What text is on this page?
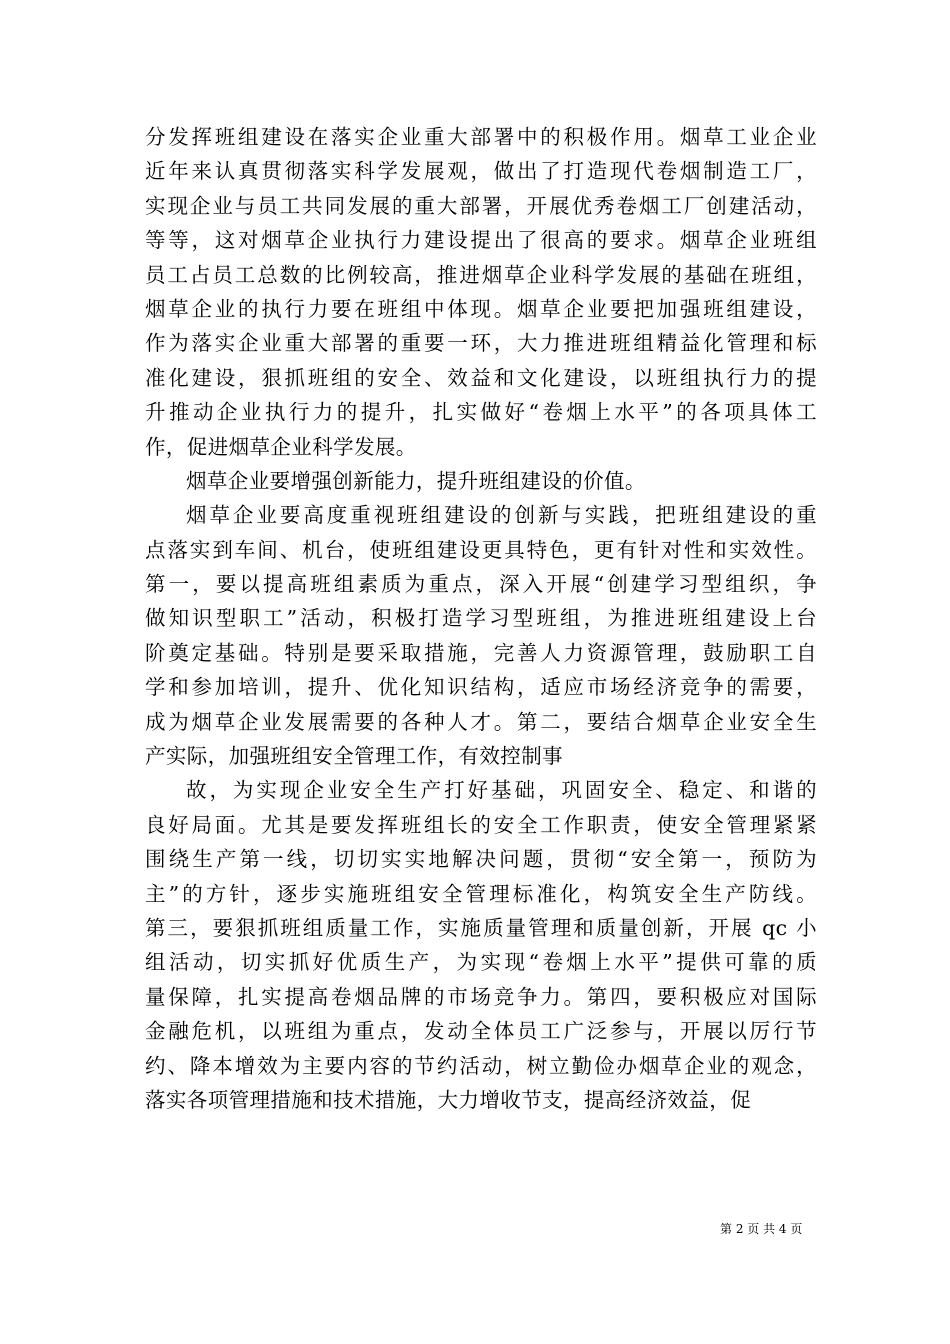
分发挥班组建设在落实企业重大部署中的积极作用。烟草工业企业
近年来认真贯彻落实科学发展观，做出了打造现代卷烟制造工厂，
实现企业与员工共同发展的重大部署，开展优秀卷烟工厂创建活动，
等等，这对烟草企业执行力建设提出了很高的要求。烟草企业班组
员工占员工总数的比例较高，推进烟草企业科学发展的基础在班组，
烟草企业的执行力要在班组中体现。烟草企业要把加强班组建设，
作为落实企业重大部署的重要一环，大力推进班组精益化管理和标
准化建设，狠抓班组的安全、效益和文化建设，以班组执行力的提
升推动企业执行力的提升，扎实做好“卷烟上水平”的各项具体工
作，促进烟草企业科学发展。
烟草企业要增强创新能力，提升班组建设的价值。
烟草企业要高度重视班组建设的创新与实践，把班组建设的重
点落实到车间、机台，使班组建设更具特色，更有针对性和实效性。
第一，要以提高班组素质为重点，深入开展“创建学习型组织，争
做知识型职工”活动，积极打造学习型班组，为推进班组建设上台
阶奠定基础。特别是要采取措施，完善人力资源管理，鼓励职工自
学和参加培训，提升、优化知识结构，适应市场经济竞争的需要，
成为烟草企业发展需要的各种人才。第二，要结合烟草企业安全生
产实际，加强班组安全管理工作，有效控制事
故，为实现企业安全生产打好基础，巩固安全、稳定、和谐的
良好局面。尤其是要发挥班组长的安全工作职责，使安全管理紧紧
围绕生产第一线，切切实实地解决问题，贯彻“安全第一，预防为
主”的方针，逐步实施班组安全管理标准化，构筑安全生产防线。
第三，要狠抓班组质量工作，实施质量管理和质量创新，开展 qc 小
组活动，切实抓好优质生产，为实现“卷烟上水平”提供可靠的质
量保障，扎实提高卷烟品牌的市场竞争力。第四，要积极应对国际
金融危机，以班组为重点，发动全体员工广泛参与，开展以厉行节
约、降本增效为主要内容的节约活动，树立勤俭办烟草企业的观念，
落实各项管理措施和技术措施，大力增收节支，提高经济效益，促
第 2 页 共 4 页
